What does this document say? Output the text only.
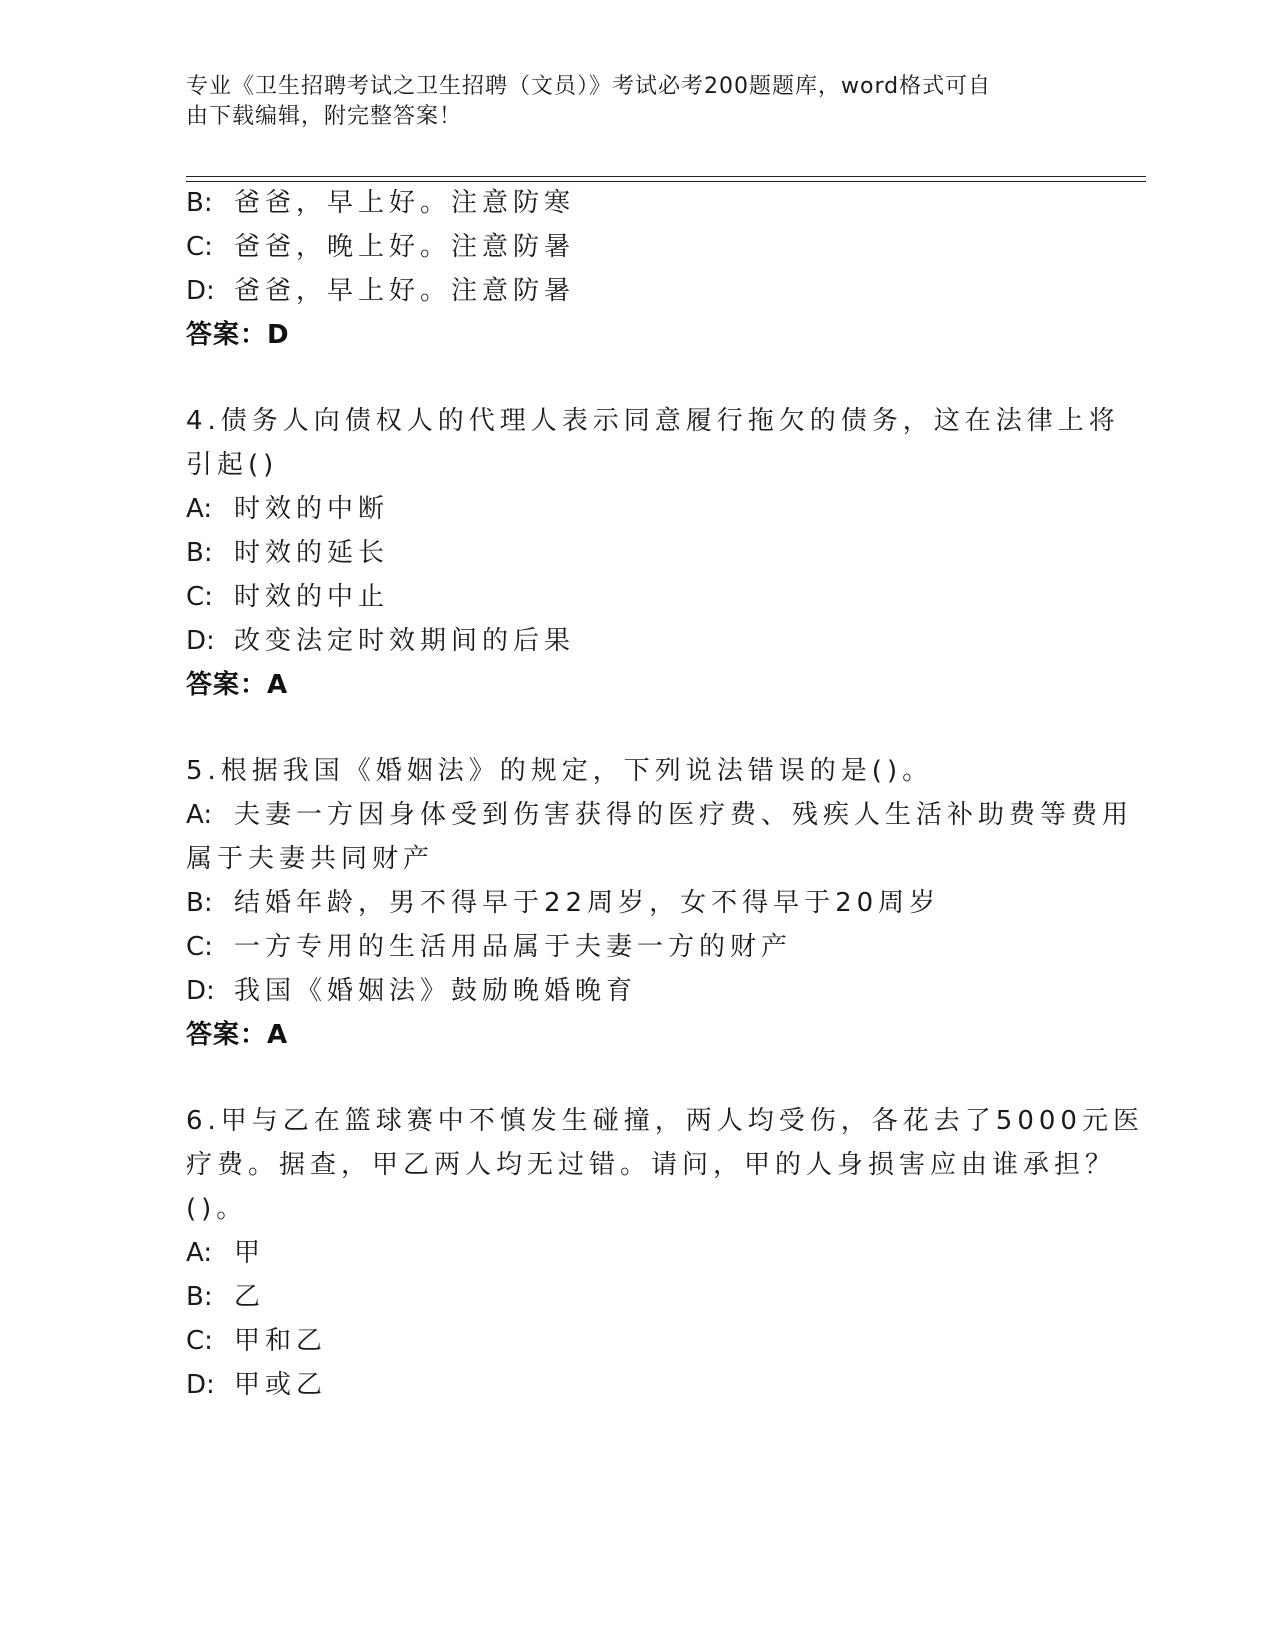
专业《卫生招聘考试之卫生招聘（文员）》考试必考200题题库，word格式可自
由下载编辑，附完整答案！
B: 爸爸，早上好。注意防寒
C: 爸爸，晚上好。注意防暑
D: 爸爸，早上好。注意防暑
答案：D
4.债务人向债权人的代理人表示同意履行拖欠的债务，这在法律上将
引起()
A: 时效的中断
B: 时效的延长
C: 时效的中止
D: 改变法定时效期间的后果
答案：A
5.根据我国《婚姻法》的规定，下列说法错误的是()。
A: 夫妻一方因身体受到伤害获得的医疗费、残疾人生活补助费等费用
属于夫妻共同财产
B: 结婚年龄，男不得早于22周岁，女不得早于20周岁
C: 一方专用的生活用品属于夫妻一方的财产
D: 我国《婚姻法》鼓励晚婚晚育
答案：A
6.甲与乙在篮球赛中不慎发生碰撞，两人均受伤，各花去了5000元医
疗费。据查，甲乙两人均无过错。请问，甲的人身损害应由谁承担？
()。
A: 甲
B: 乙
C: 甲和乙
D: 甲或乙
